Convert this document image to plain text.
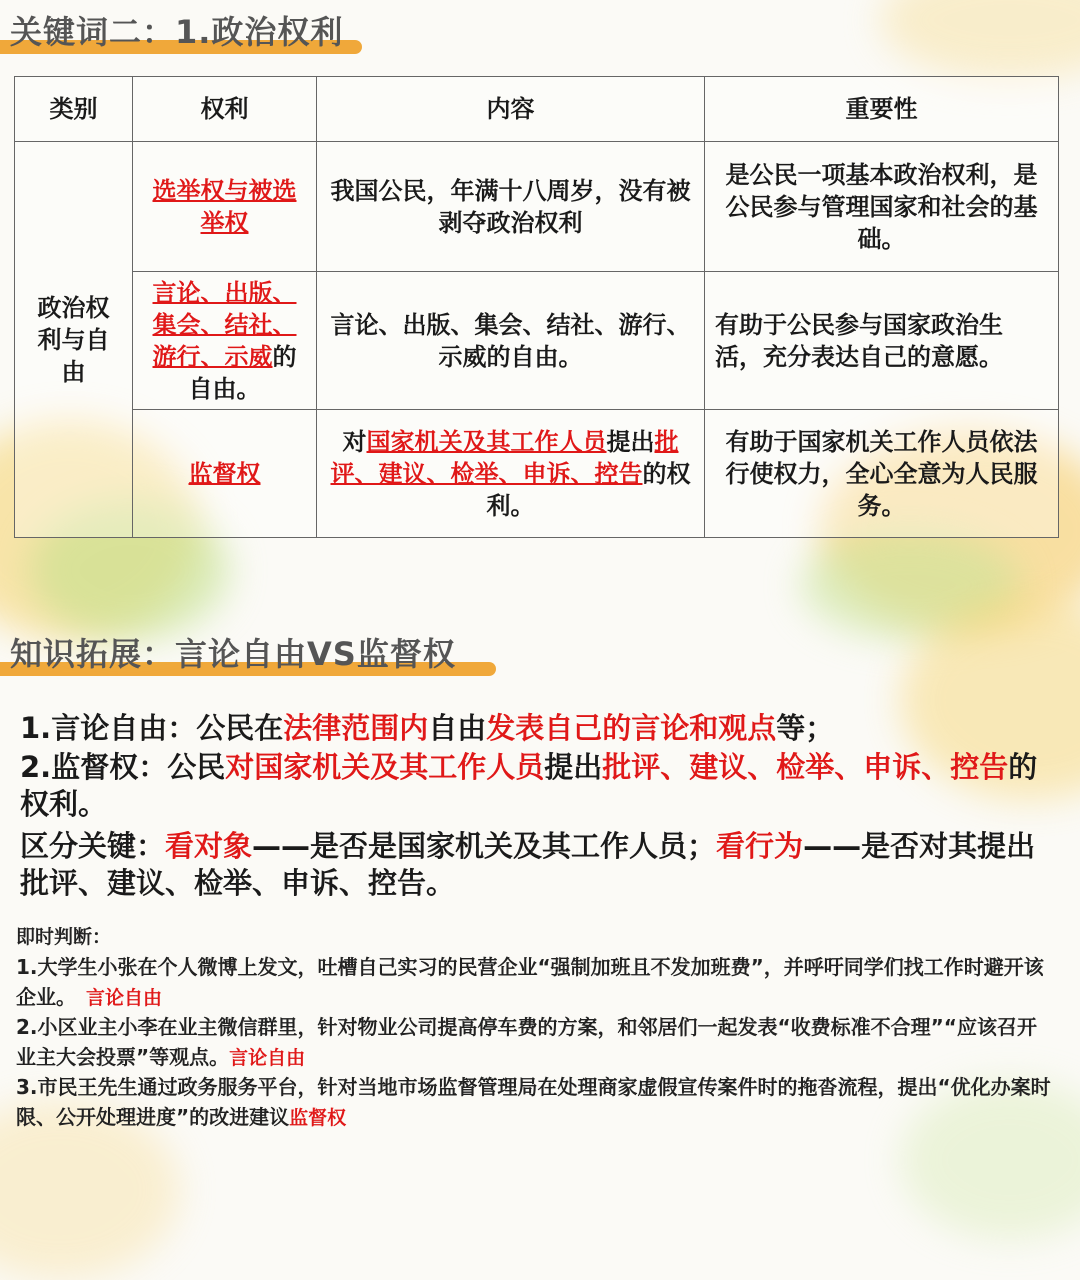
关键词二：1.政治权利
类别	权利	内容	重要性

政治权利与自由	选举权与被选举权	我国公民，年满十八周岁，没有被剥夺政治权利	是公民一项基本政治权利，是公民参与管理国家和社会的基础。
	言论、出版、集会、结社、游行、示威的自由。	言论、出版、集会、结社、游行、示威的自由。	有助于公民参与国家政治生活，充分表达自己的意愿。
	监督权	对国家机关及其工作人员提出批评、建议、检举、申诉、控告的权利。	有助于国家机关工作人员依法行使权力，全心全意为人民服务。
知识拓展：言论自由VS监督权
1.言论自由：公民在法律范围内自由发表自己的言论和观点等；
2.监督权：公民对国家机关及其工作人员提出批评、建议、检举、申诉、控告的权利。
区分关键：看对象——是否是国家机关及其工作人员；看行为——是否对其提出批评、建议、检举、申诉、控告。
即时判断：
1.大学生小张在个人微博上发文，吐槽自己实习的民营企业“强制加班且不发加班费”，并呼吁同学们找工作时避开该企业。　 言论自由
2.小区业主小李在业主微信群里，针对物业公司提高停车费的方案，和邻居们一起发表“收费标准不合理”“应该召开业主大会投票”等观点。言论自由
3.市民王先生通过政务服务平台，针对当地市场监督管理局在处理商家虚假宣传案件时的拖沓流程，提出“优化办案时限、公开处理进度”的改进建议监督权
